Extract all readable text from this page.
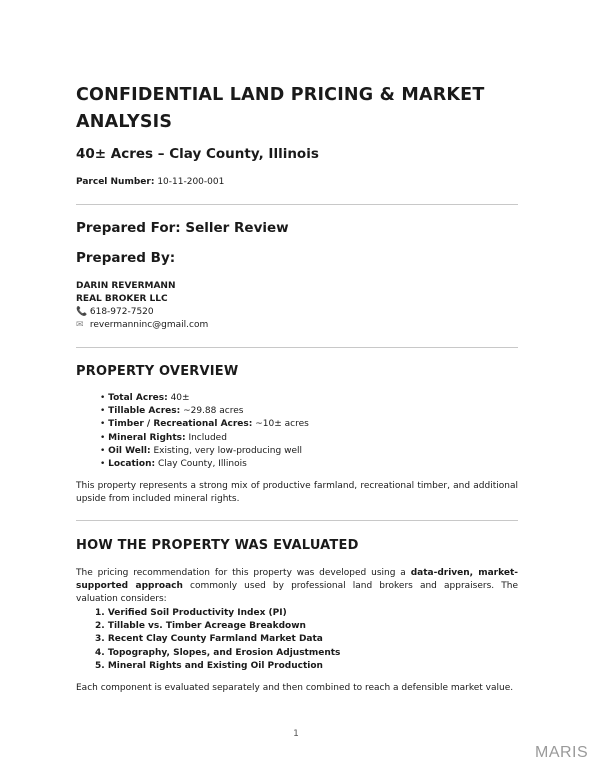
CONFIDENTIAL LAND PRICING & MARKET ANALYSIS
40± Acres – Clay County, Illinois
Parcel Number: 10-11-200-001
Prepared For: Seller Review
Prepared By:
DARIN REVERMANN
REAL BROKER LLC
📞 618-972-7520
✉ revermanninc@gmail.com
PROPERTY OVERVIEW
• Total Acres: 40±
• Tillable Acres: ~29.88 acres
• Timber / Recreational Acres: ~10± acres
• Mineral Rights: Included
• Oil Well: Existing, very low-producing well
• Location: Clay County, Illinois
This property represents a strong mix of productive farmland, recreational timber, and additional upside from included mineral rights.
HOW THE PROPERTY WAS EVALUATED
The pricing recommendation for this property was developed using a data-driven, market-supported approach commonly used by professional land brokers and appraisers. The valuation considers:
1. Verified Soil Productivity Index (PI)
2. Tillable vs. Timber Acreage Breakdown
3. Recent Clay County Farmland Market Data
4. Topography, Slopes, and Erosion Adjustments
5. Mineral Rights and Existing Oil Production
Each component is evaluated separately and then combined to reach a defensible market value.
1
MARIS
